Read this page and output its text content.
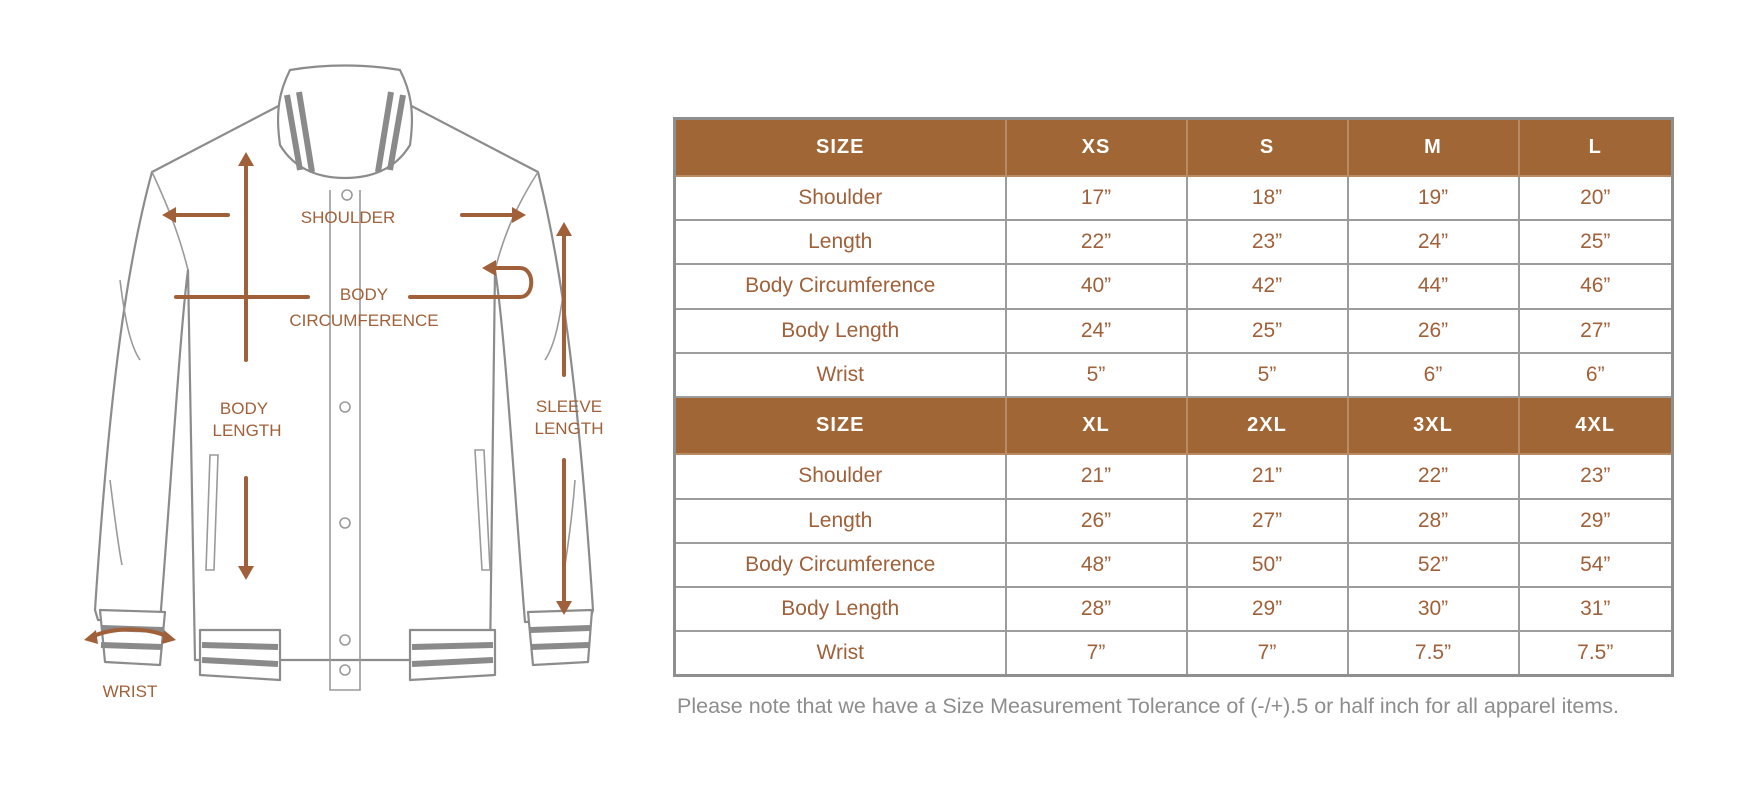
SHOULDER
BODY
CIRCUMFERENCE
BODY
LENGTH
SLEEVE
LENGTH
WRIST
SIZE	XS	S	M	L
Shoulder	17”	18”	19”	20”
Length	22”	23”	24”	25”
Body Circumference	40”	42”	44”	46”
Body Length	24”	25”	26”	27”
Wrist	5”	5”	6”	6”
SIZE	XL	2XL	3XL	4XL
Shoulder	21”	21”	22”	23”
Length	26”	27”	28”	29”
Body Circumference	48”	50”	52”	54”
Body Length	28”	29”	30”	31”
Wrist	7”	7”	7.5”	7.5”
Please note that we have a Size Measurement Tolerance of (-/+).5 or half inch for all apparel items.
